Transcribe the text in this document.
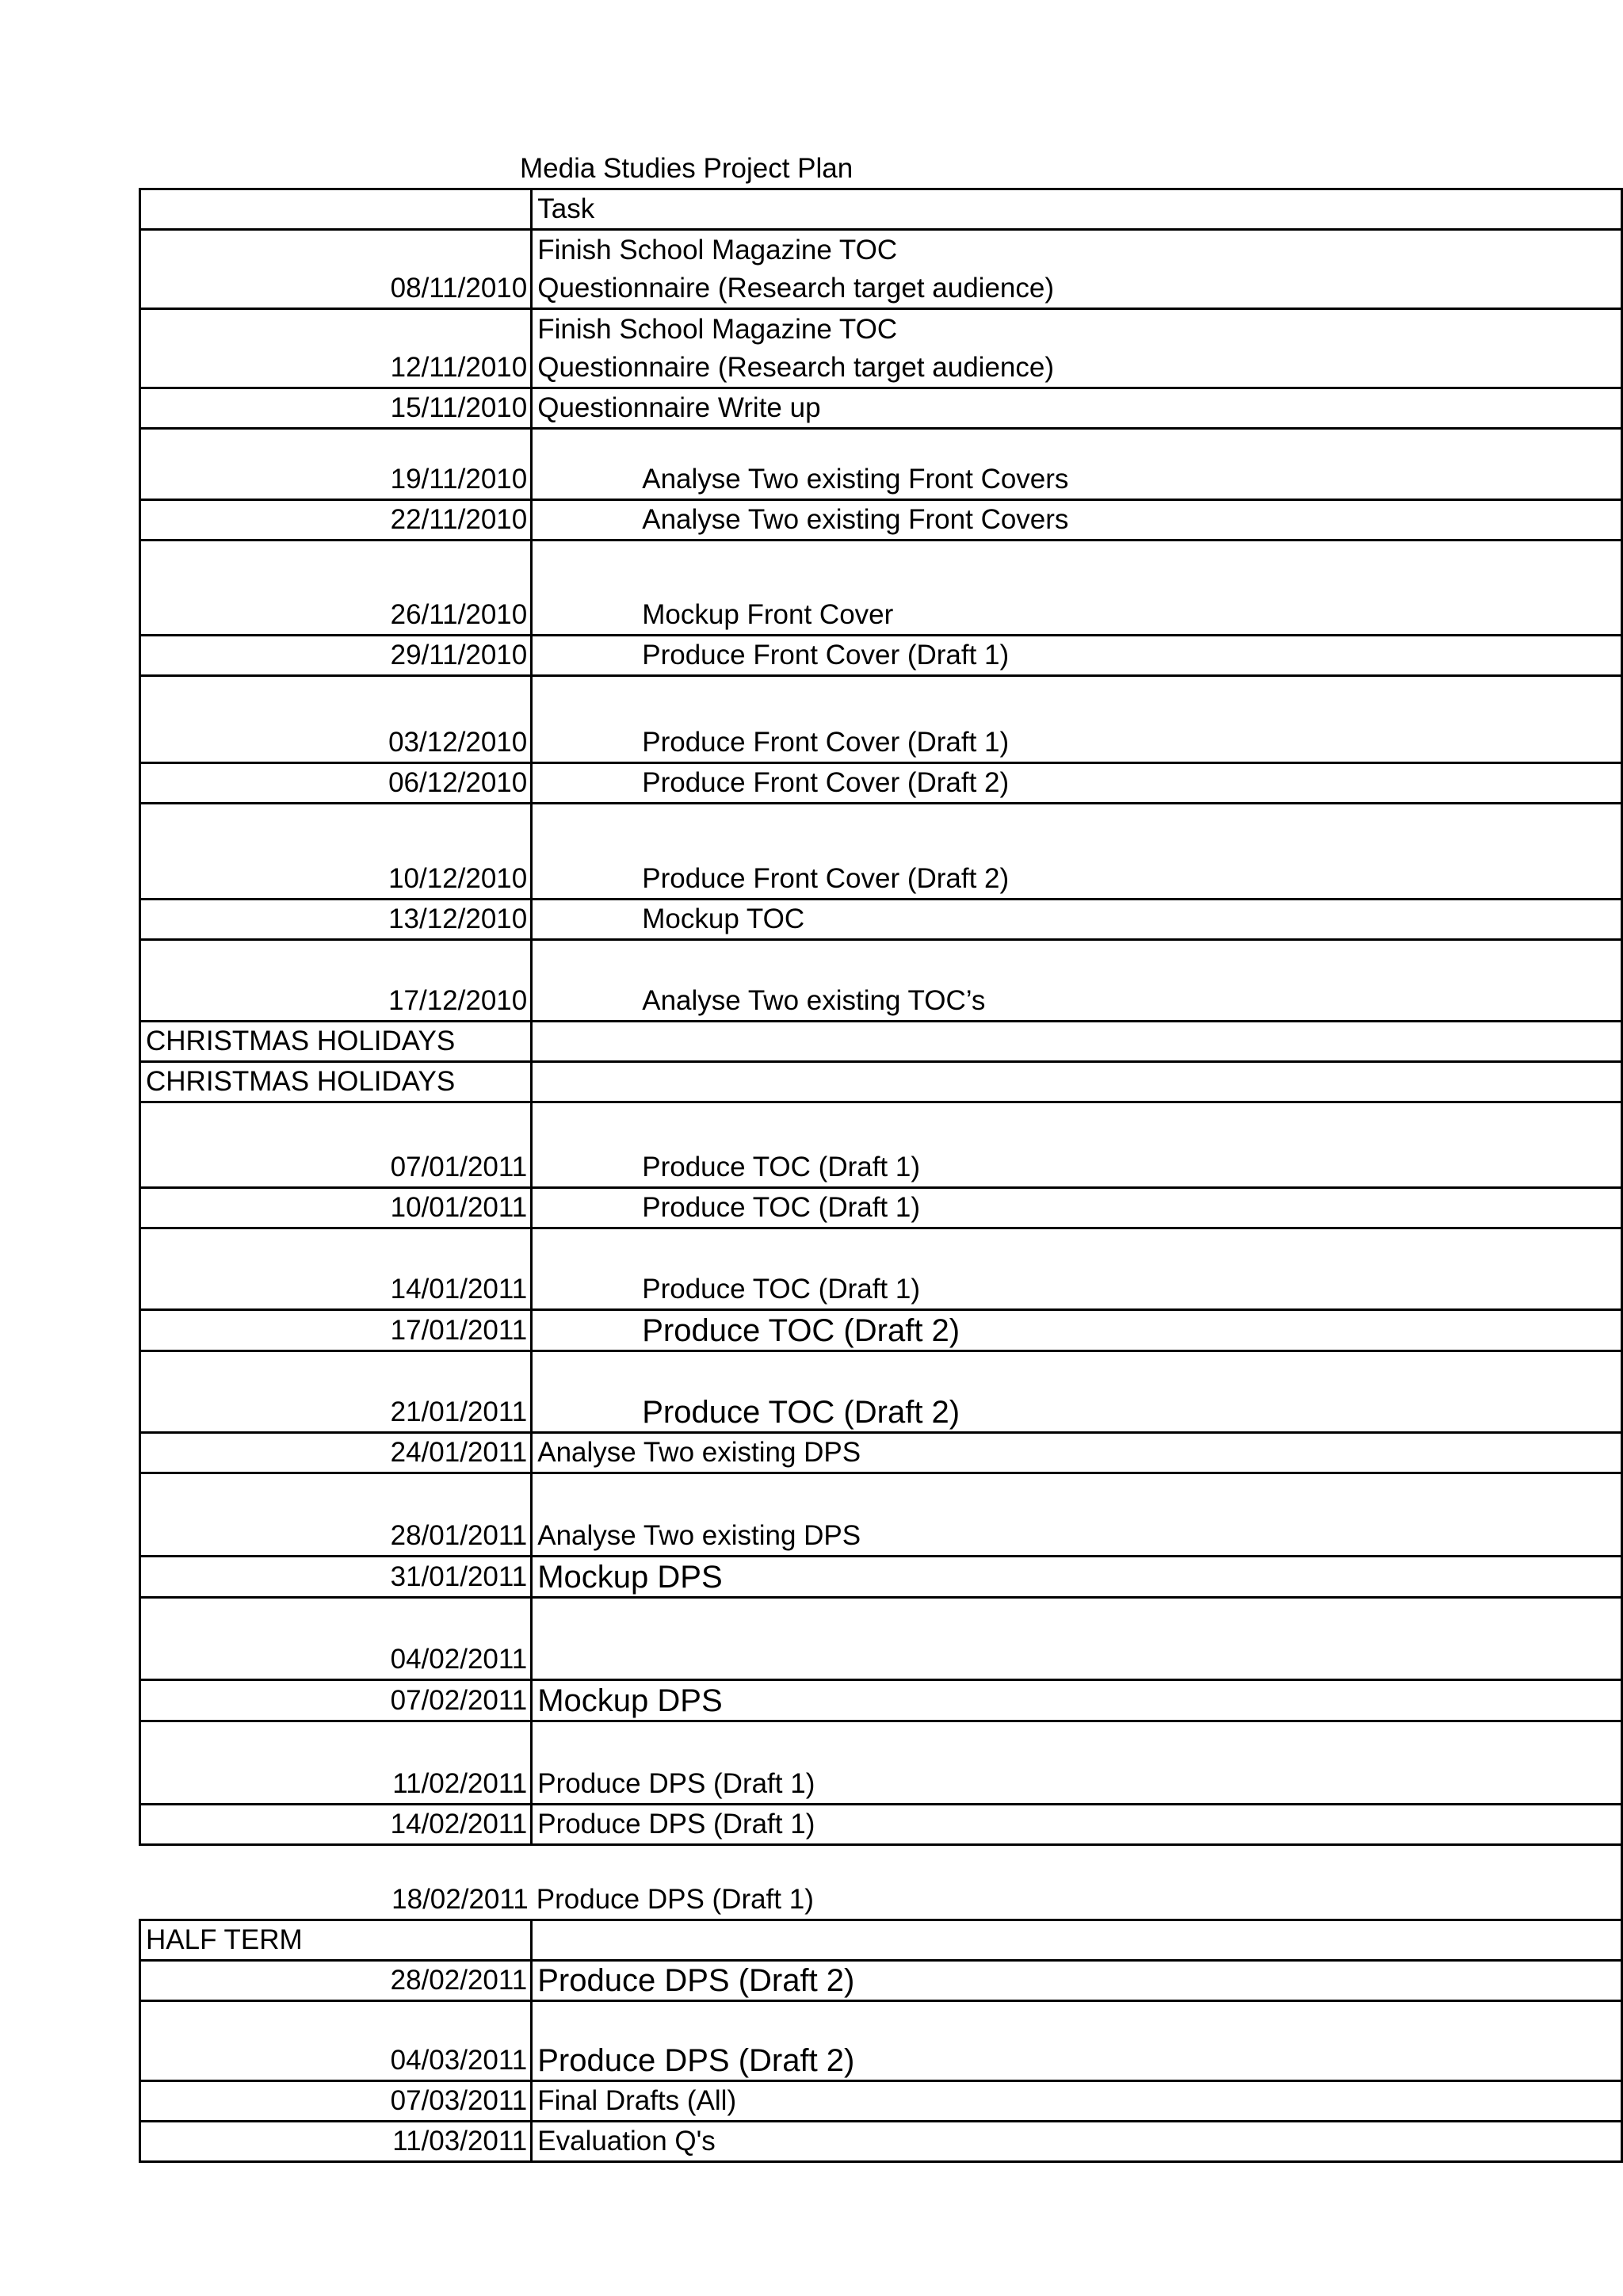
Media Studies Project Plan
	Task
08/11/2010	Finish School Magazine TOC
Questionnaire (Research target audience)

12/11/2010	Finish School Magazine TOC
Questionnaire (Research target audience)

15/11/2010	Questionnaire Write up
19/11/2010	Analyse Two existing Front Covers
22/11/2010	Analyse Two existing Front Covers
26/11/2010	Mockup Front Cover
29/11/2010	Produce Front Cover (Draft 1)
03/12/2010	Produce Front Cover (Draft 1)
06/12/2010	Produce Front Cover (Draft 2)
10/12/2010	Produce Front Cover (Draft 2)
13/12/2010	Mockup TOC
17/12/2010	Analyse Two existing TOC’s
CHRISTMAS HOLIDAYS	
CHRISTMAS HOLIDAYS	
07/01/2011	Produce TOC (Draft 1)
10/01/2011	Produce TOC (Draft 1)
14/01/2011	Produce TOC (Draft 1)
17/01/2011	Produce TOC (Draft 2)
21/01/2011	Produce TOC (Draft 2)
24/01/2011	Analyse Two existing DPS
28/01/2011	Analyse Two existing DPS
31/01/2011	Mockup DPS
04/02/2011	
07/02/2011	Mockup DPS
11/02/2011	Produce DPS (Draft 1)
14/02/2011	Produce DPS (Draft 1)
18/02/2011	Produce DPS (Draft 1)
HALF TERM	
28/02/2011	Produce DPS (Draft 2)
04/03/2011	Produce DPS (Draft 2)
07/03/2011	Final Drafts (All)
11/03/2011	Evaluation Q's
